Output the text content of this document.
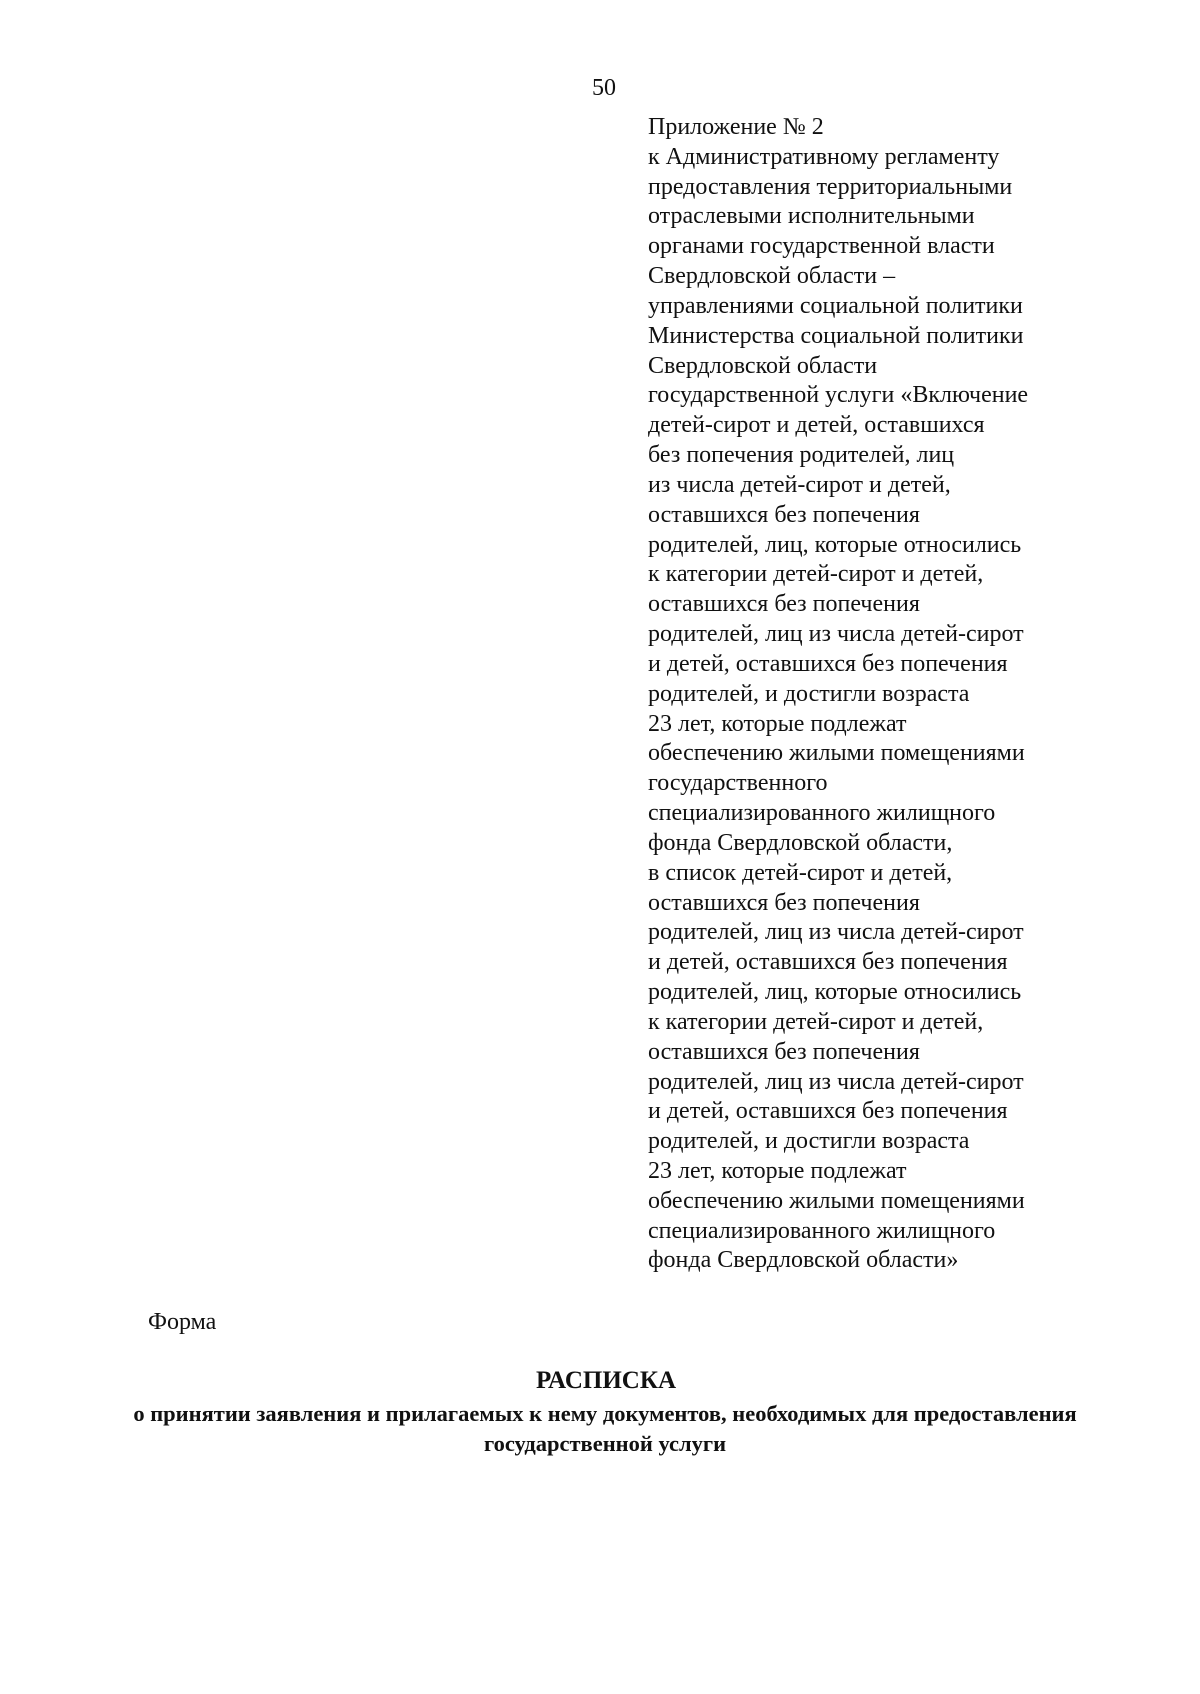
50
Приложение № 2
к Административному регламенту
предоставления территориальными
отраслевыми исполнительными
органами государственной власти
Свердловской области –
управлениями социальной политики
Министерства социальной политики
Свердловской области
государственной услуги «Включение
детей-сирот и детей, оставшихся
без попечения родителей, лиц
из числа детей-сирот и детей,
оставшихся без попечения
родителей, лиц, которые относились
к категории детей-сирот и детей,
оставшихся без попечения
родителей, лиц из числа детей-сирот
и детей, оставшихся без попечения
родителей, и достигли возраста
23 лет, которые подлежат
обеспечению жилыми помещениями
государственного
специализированного жилищного
фонда Свердловской области,
в список детей-сирот и детей,
оставшихся без попечения
родителей, лиц из числа детей-сирот
и детей, оставшихся без попечения
родителей, лиц, которые относились
к категории детей-сирот и детей,
оставшихся без попечения
родителей, лиц из числа детей-сирот
и детей, оставшихся без попечения
родителей, и достигли возраста
23 лет, которые подлежат
обеспечению жилыми помещениями
специализированного жилищного
фонда Свердловской области»
Форма
РАСПИСКА
о принятии заявления и прилагаемых к нему документов, необходимых для предоставления государственной услуги
